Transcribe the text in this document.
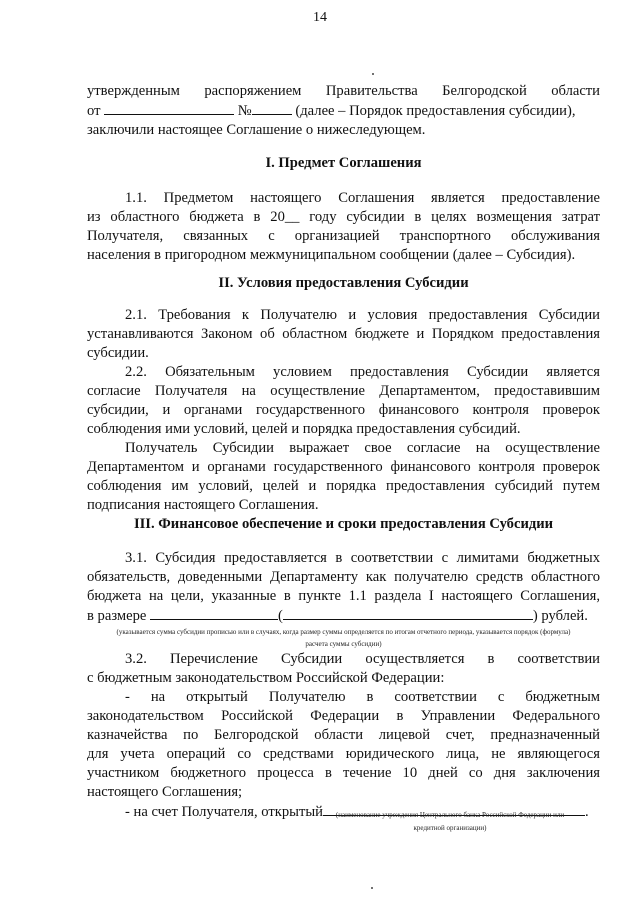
14
утвержденным распоряжением Правительства Белгородской области
от	№	(далее – Порядок предоставления субсидии),
заключили настоящее Соглашение о нижеследующем.
I. Предмет Соглашения
1.1. Предметом настоящего Соглашения является предоставление
из областного бюджета в 20__ году субсидии в целях возмещения затрат
Получателя, связанных с организацией транспортного обслуживания
населения в пригородном межмуниципальном сообщении (далее – Субсидия).
II. Условия предоставления Субсидии
2.1. Требования к Получателю и условия предоставления Субсидии
устанавливаются Законом об областном бюджете и Порядком предоставления
субсидии.
2.2. Обязательным условием предоставления Субсидии является
согласие Получателя на осуществление Департаментом, предоставившим
субсидии, и органами государственного финансового контроля проверок
соблюдения ими условий, целей и порядка предоставления субсидий.
Получатель Субсидии выражает свое согласие на осуществление
Департаментом и органами государственного финансового контроля проверок
соблюдения им условий, целей и порядка предоставления субсидий путем
подписания настоящего Соглашения.
III. Финансовое обеспечение и сроки предоставления Субсидии
3.1. Субсидия предоставляется в соответствии с лимитами бюджетных
обязательств, доведенными Департаменту как получателю средств областного
бюджета на цели, указанные в пункте 1.1 раздела I настоящего Соглашения,
в размере	(	) рублей.
(указывается сумма субсидии прописью или в случаях, когда размер суммы определяется по итогам отчетного периода, указывается порядок (формула)
расчета суммы субсидии)
3.2. Перечисление Субсидии осуществляется в соответствии
с бюджетным законодательством Российской Федерации:
- на открытый Получателю в соответствии с бюджетным
законодательством Российской Федерации в Управлении Федерального
казначейства по Белгородской области лицевой счет, предназначенный
для учета операций со средствами юридического лица, не являющегося
участником бюджетного процесса в течение 10 дней со дня заключения
настоящего Соглашения;
- на счет Получателя, открытый	.
(наименование учреждения Центрального банка Российской Федерации или
кредитной организации)
